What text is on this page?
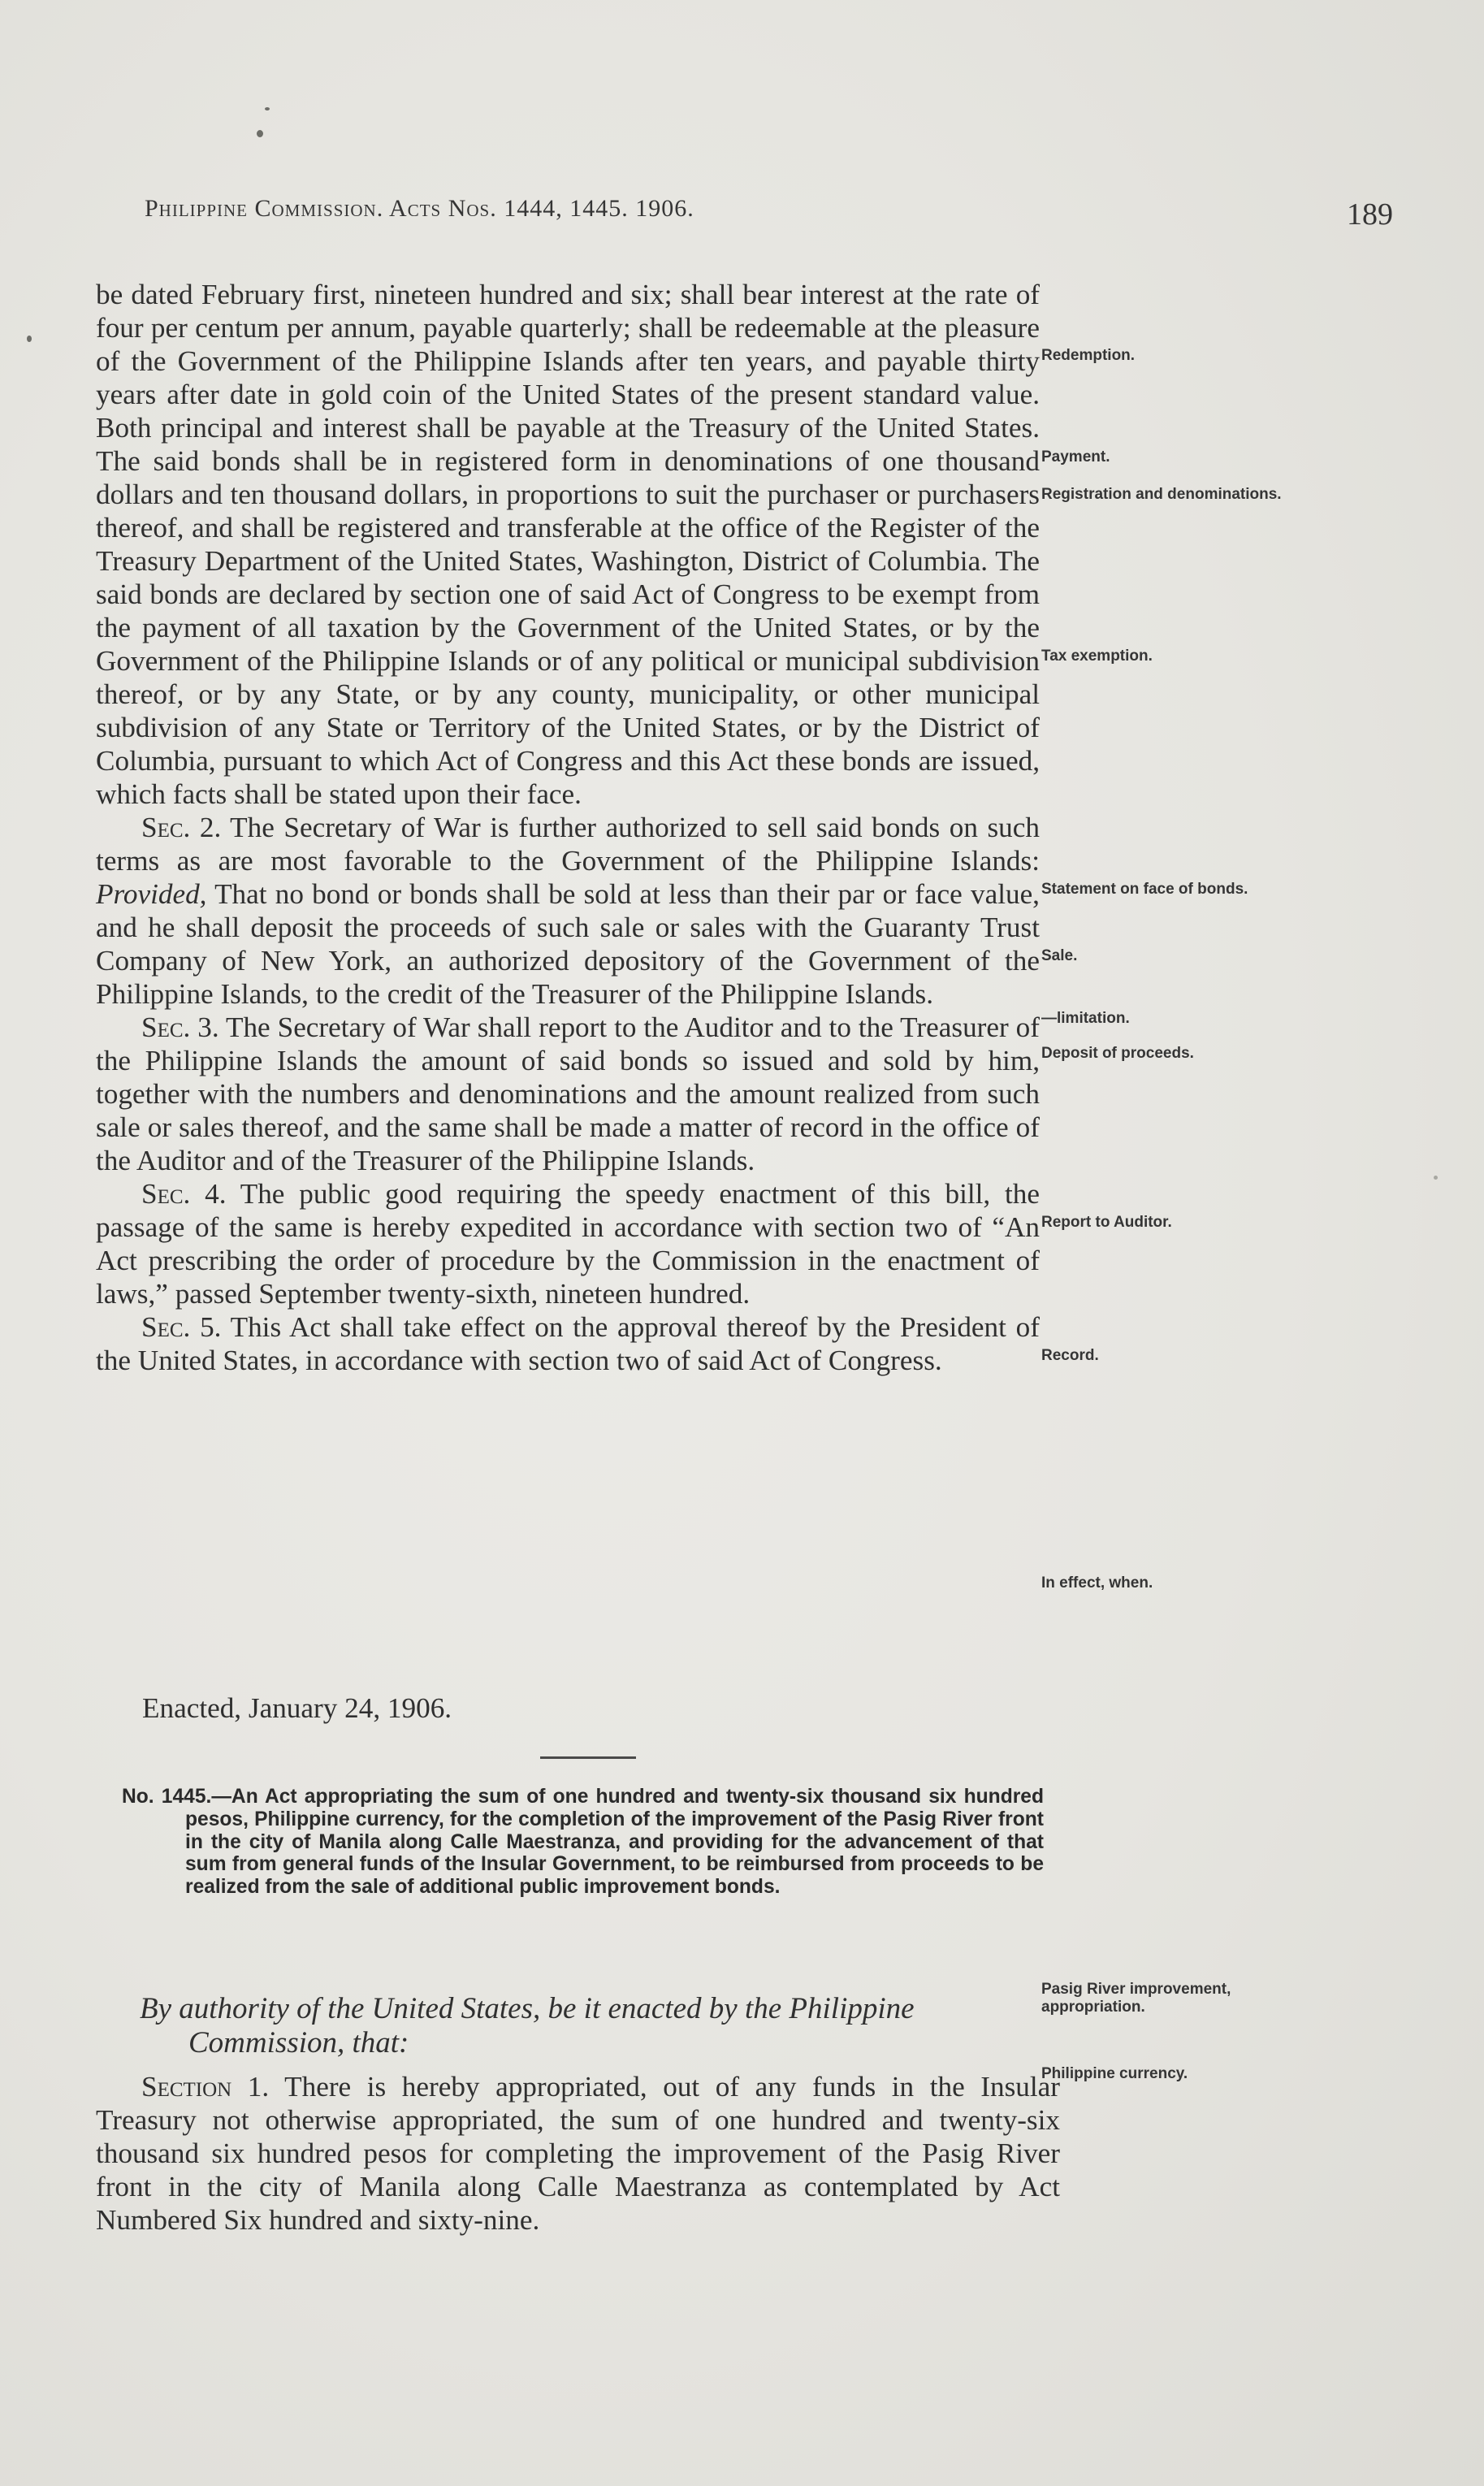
Philippine Commission. Acts Nos. 1444, 1445. 1906.	189

be dated February first, nineteen hundred and six; shall bear interest at the rate of four per centum per annum, payable quarterly; shall be redeemable at the pleasure of the Government of the Philippine Islands after ten years, and payable thirty years after date in gold coin of the United States of the present standard value. Both principal and interest shall be payable at the Treasury of the United States. The said bonds shall be in registered form in denominations of one thousand dollars and ten thousand dollars, in proportions to suit the purchaser or purchasers thereof, and shall be registered and transferable at the office of the Register of the Treasury Department of the United States, Washington, District of Columbia. The said bonds are declared by section one of said Act of Congress to be exempt from the payment of all taxation by the Government of the United States, or by the Government of the Philippine Islands or of any political or municipal subdivision thereof, or by any State, or by any county, municipality, or other municipal subdivision of any State or Territory of the United States, or by the District of Columbia, pursuant to which Act of Congress and this Act these bonds are issued, which facts shall be stated upon their face.

Sec. 2. The Secretary of War is further authorized to sell said bonds on such terms as are most favorable to the Government of the Philippine Islands: Provided, That no bond or bonds shall be sold at less than their par or face value, and he shall deposit the proceeds of such sale or sales with the Guaranty Trust Company of New York, an authorized depository of the Government of the Philippine Islands, to the credit of the Treasurer of the Philippine Islands.

Sec. 3. The Secretary of War shall report to the Auditor and to the Treasurer of the Philippine Islands the amount of said bonds so issued and sold by him, together with the numbers and denominations and the amount realized from such sale or sales thereof, and the same shall be made a matter of record in the office of the Auditor and of the Treasurer of the Philippine Islands.

Sec. 4. The public good requiring the speedy enactment of this bill, the passage of the same is hereby expedited in accordance with section two of “An Act prescribing the order of procedure by the Commission in the enactment of laws,” passed September twenty-sixth, nineteen hundred.

Sec. 5. This Act shall take effect on the approval thereof by the President of the United States, in accordance with section two of said Act of Congress.

Enacted, January 24, 1906.
No. 1445.—An Act appropriating the sum of one hundred and twenty-six thousand six hundred pesos, Philippine currency, for the completion of the improvement of the Pasig River front in the city of Manila along Calle Maestranza, and providing for the advancement of that sum from general funds of the Insular Government, to be reimbursed from proceeds to be realized from the sale of additional public improvement bonds.
By authority of the United States, be it enacted by the Philippine
Commission, that:

Section 1. There is hereby appropriated, out of any funds in the Insular Treasury not otherwise appropriated, the sum of one hundred and twenty-six thousand six hundred pesos for completing the improvement of the Pasig River front in the city of Manila along Calle Maestranza as contemplated by Act Numbered Six hundred and sixty-nine.

Redemption.
Payment.
Registration and denominations.
Tax exemption.
Statement on face of bonds.
Sale.
—limitation.
Deposit of proceeds.
Report to Auditor.
Record.
In effect, when.
Pasig River improvement, appropriation.
Philippine currency.
